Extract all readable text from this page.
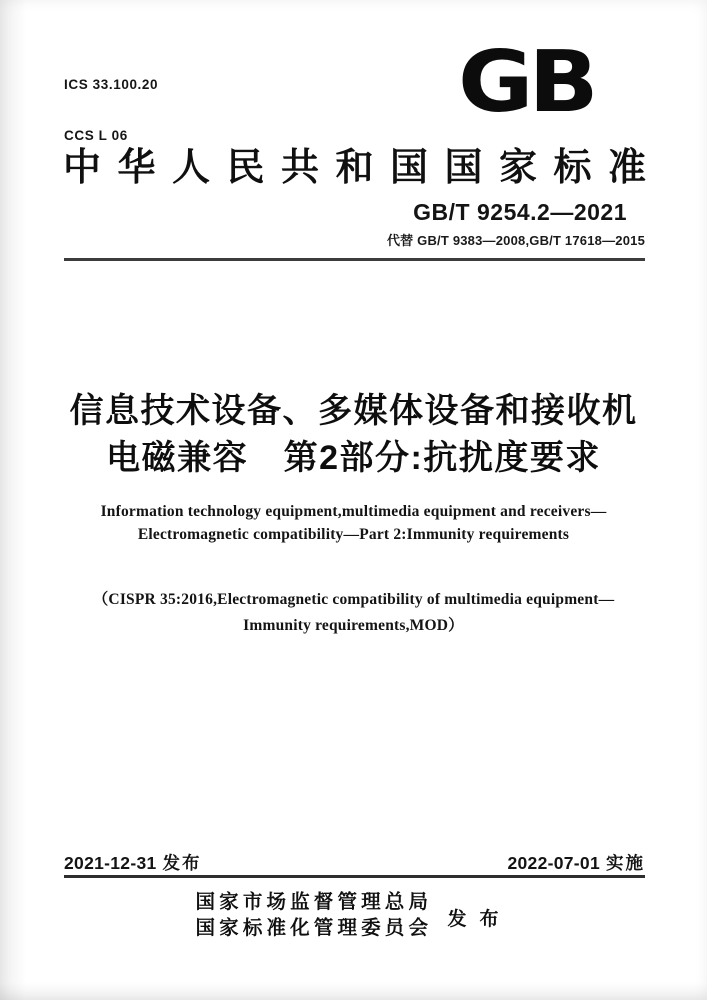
ICS 33.100.20

CCS L 06

GB
中华人民共和国国家标准
GB/T 9254.2—2021
代替 GB/T 9383—2008,GB/T 17618—2015
信息技术设备、多媒体设备和接收机
电磁兼容　第2部分:抗扰度要求
Information technology equipment,multimedia equipment and receivers—
Electromagnetic compatibility—Part 2:Immunity requirements
（CISPR 35:2016,Electromagnetic compatibility of multimedia equipment—
Immunity requirements,MOD）
2021-12-31 发布	2022-07-01 实施
国家市场监督管理总局
国家标准化管理委员会 发布
